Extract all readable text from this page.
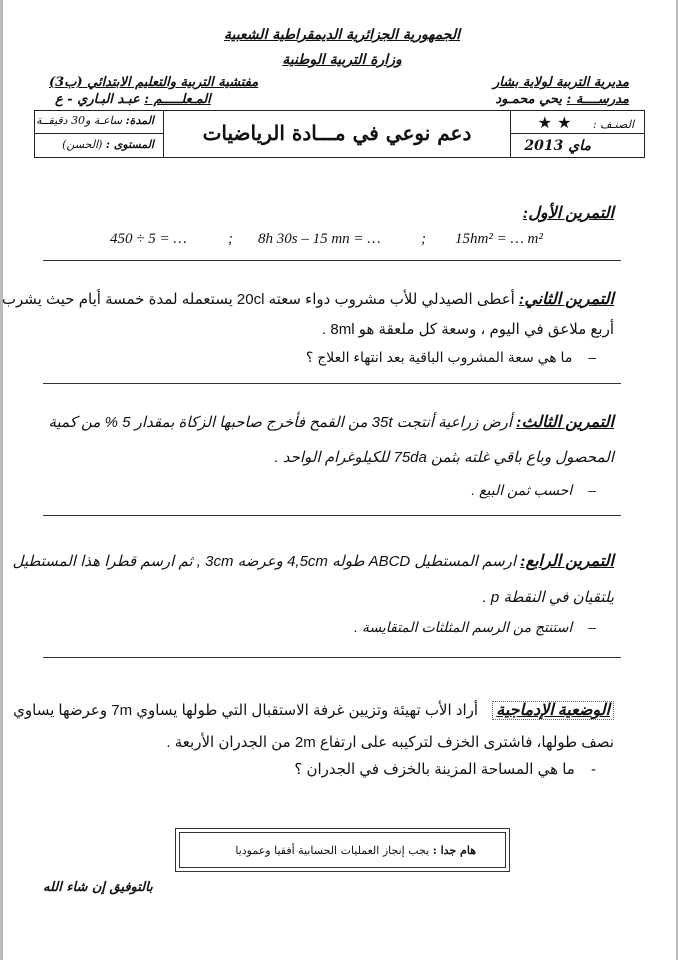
الجمهورية الجزائرية الديمقراطية الشعبية
وزارة التربية الوطنية
مديرية التربية لولاية بشار
مدرســــة : يحي محمـود
مفتشية التربية والتعليم الابتدائي (ب3)
المـعلـــــم : عبـد البـاري - ع
الصنـف : ★ ★
ماي 2013
دعم نوعي في مـــادة الرياضيات
المدة: ساعـة و30 دقيقــة
المستوى : (الحسن)
التمرين الأول:
450 ÷ 5 = …	; 8h 30s – 15 mn = …	; 15hm² = … m²
التمرين الثاني: أعطى الصيدلي للأب مشروب دواء سعته 20cl يستعمله لمدة خمسة أيام حيث يشرب
أربع ملاعق في اليوم ، وسعة كل ملعقة هو 8ml .
– ما هي سعة المشروب الباقية بعد انتهاء العلاج ؟
التمرين الثالث: أرض زراعية أنتجت 35t من القمح فأخرج صاحبها الزكاة بمقدار 5 % من كمية
المحصول وباع باقي غلته بثمن 75da للكيلوغرام الواحد .
– احسب ثمن البيع .
التمرين الرابع: ارسم المستطيل ABCD طوله 4,5cm وعرضه 3cm , ثم ارسم قطرا هذا المستطيل
يلتقيان في النقطة p .
– استنتج من الرسم المثلثات المتقايسة .
الوضعية الإدماجية أراد الأب تهيئة وتزيين غرفة الاستقبال التي طولها يساوي 7m وعرضها يساوي
نصف طولها، فاشترى الخزف لتركيبه على ارتفاع 2m من الجدران الأربعة .
- ما هي المساحة المزينة بالخزف في الجدران ؟
هام جدا : يجب إنجاز العمليات الحسابية أفقيا وعموديا
بالتوفيق إن شاء الله
